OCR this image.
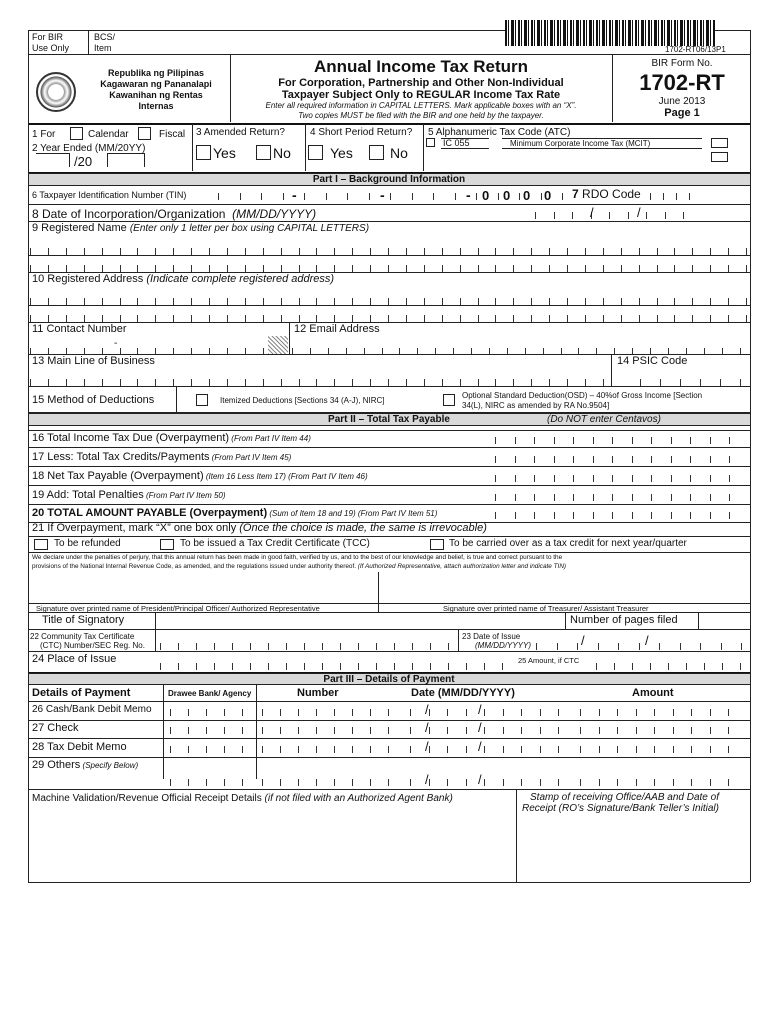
For BIR
Use Only
BCS/
Item	1702-RT06/13P1
Republika ng Pilipinas
Kagawaran ng Pananalapi
Kawanihan ng Rentas
Internas
Annual Income Tax Return
For Corporation, Partnership and Other Non-Individual
Taxpayer Subject Only to REGULAR Income Tax Rate
Enter all required information in CAPITAL LETTERS. Mark applicable boxes with an “X”.
Two copies MUST be filed with the BIR and one held by the taxpayer.
BIR Form No.
1702-RT
June 2013
Page 1
1 For	Calendar	Fiscal
2 Year Ended (MM/20YY)
/20
3 Amended Return?
Yes	No
4 Short Period Return?
Yes	No
5 Alphanumeric Tax Code (ATC)
IC 055	Minimum Corporate Income Tax (MCIT)
Part I – Background Information
6 Taxpayer Identification Number (TIN)	-	-	- 0 0 0 0 7 RDO Code
8 Date of Incorporation/Organization (MM/DD/YYYY)	/	/
9 Registered Name (Enter only 1 letter per box using CAPITAL LETTERS)
10 Registered Address (Indicate complete registered address)
11 Contact Number
-
12 Email Address
13 Main Line of Business	14 PSIC Code
15 Method of Deductions	Itemized Deductions [Sections 34 (A-J), NIRC]
Optional Standard Deduction(OSD) – 40%of Gross Income [Section
34(L), NIRC as amended by RA No.9504]
Part II – Total Tax Payable	(Do NOT enter Centavos)
16 Total Income Tax Due (Overpayment) (From Part IV Item 44)
17 Less: Total Tax Credits/Payments (From Part IV Item 45)
18 Net Tax Payable (Overpayment) (Item 16 Less Item 17) (From Part IV Item 46)
19 Add: Total Penalties (From Part IV Item 50)
20 TOTAL AMOUNT PAYABLE (Overpayment) (Sum of Item 18 and 19) (From Part IV Item 51)
21 If Overpayment, mark “X” one box only (Once the choice is made, the same is irrevocable)
To be refunded	To be issued a Tax Credit Certificate (TCC)	To be carried over as a tax credit for next year/quarter
We declare under the penalties of perjury, that this annual return has been made in good faith, verified by us, and to the best of our knowledge and belief, is true and correct pursuant to the
provisions of the National Internal Revenue Code, as amended, and the regulations issued under authority thereof. (If Authorized Representative, attach authorization letter and indicate TIN)
Signature over printed name of President/Principal Officer/ Authorized Representative	Signature over printed name of Treasurer/ Assistant Treasurer
Title of Signatory	Number of pages filed
22 Community Tax Certificate
(CTC) Number/SEC Reg. No.
23 Date of Issue
(MM/DD/YYYY)	/	/
24 Place of Issue	25 Amount, if CTC
Part III – Details of Payment
Details of Payment	Drawee Bank/ Agency	Number	Date (MM/DD/YYYY)	Amount
26 Cash/Bank Debit Memo	/	/
27 Check	/	/
28 Tax Debit Memo	/	/
29 Others (Specify Below)
/	/
Machine Validation/Revenue Official Receipt Details (if not filed with an Authorized Agent Bank)	Stamp of receiving Office/AAB and Date of
Receipt (RO’s Signature/Bank Teller’s Initial)
